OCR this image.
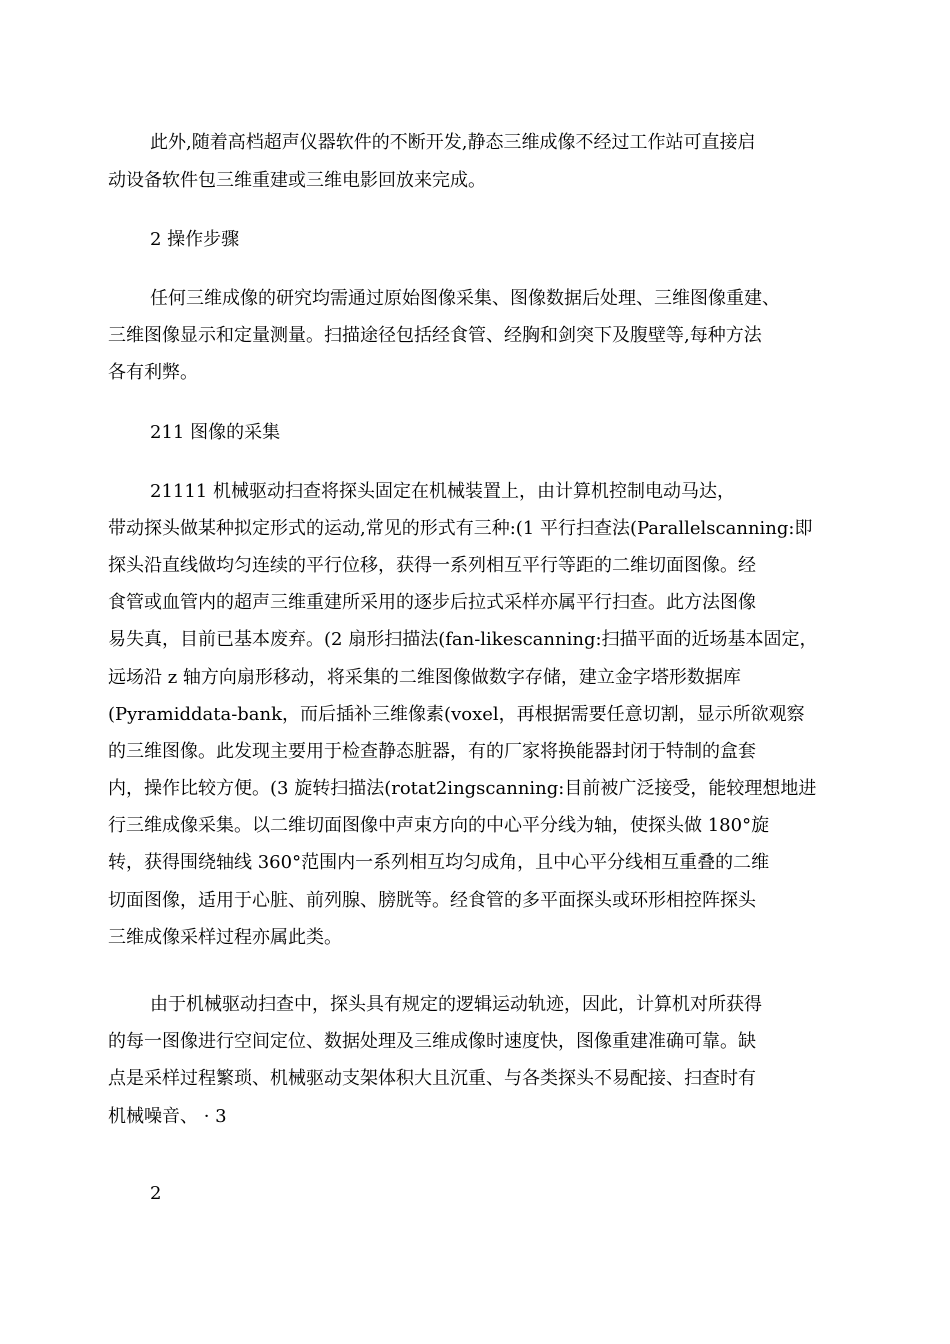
此外,随着高档超声仪器软件的不断开发,静态三维成像不经过工作站可直接启
动设备软件包三维重建或三维电影回放来完成。
2 操作步骤
任何三维成像的研究均需通过原始图像采集、图像数据后处理、三维图像重建、
三维图像显示和定量测量。扫描途径包括经食管、经胸和剑突下及腹壁等,每种方法
各有利弊。
211 图像的采集
21111 机械驱动扫查将探头固定在机械装置上，由计算机控制电动马达，
带动探头做某种拟定形式的运动,常见的形式有三种:(1 平行扫查法(Parallelscanning:即
探头沿直线做均匀连续的平行位移，获得一系列相互平行等距的二维切面图像。经
食管或血管内的超声三维重建所采用的逐步后拉式采样亦属平行扫查。此方法图像
易失真，目前已基本废弃。(2 扇形扫描法(fan-likescanning:扫描平面的近场基本固定，
远场沿 z 轴方向扇形移动，将采集的二维图像做数字存储，建立金字塔形数据库
(Pyramiddata-bank，而后插补三维像素(voxel，再根据需要任意切割，显示所欲观察
的三维图像。此发现主要用于检查静态脏器，有的厂家将换能器封闭于特制的盒套
内，操作比较方便。(3 旋转扫描法(rotat2ingscanning:目前被广泛接受，能较理想地进
行三维成像采集。以二维切面图像中声束方向的中心平分线为轴，使探头做 180°旋
转，获得围绕轴线 360°范围内一系列相互均匀成角，且中心平分线相互重叠的二维
切面图像，适用于心脏、前列腺、膀胱等。经食管的多平面探头或环形相控阵探头
三维成像采样过程亦属此类。
由于机械驱动扫查中，探头具有规定的逻辑运动轨迹，因此，计算机对所获得
的每一图像进行空间定位、数据处理及三维成像时速度快，图像重建准确可靠。缺
点是采样过程繁琐、机械驱动支架体积大且沉重、与各类探头不易配接、扫查时有
机械噪音、 · 3
2
